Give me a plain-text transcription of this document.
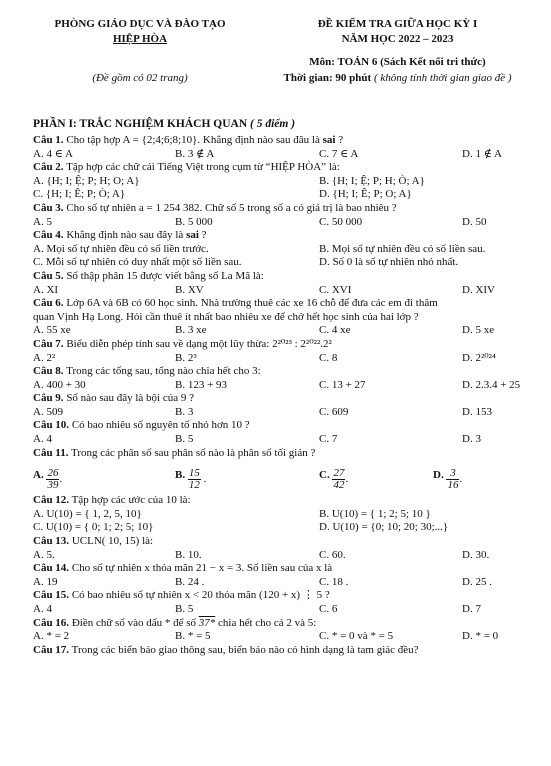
PHÒNG GIÁO DỤC VÀ ĐÀO TẠO
HIỆP HÒA
(Đề gồm có 02 trang)
ĐỀ KIỂM TRA GIỮA HỌC KỲ I
NĂM HỌC 2022 – 2023
Môn: TOÁN 6 (Sách Kết nối tri thức)
Thời gian: 90 phút ( không tính thời gian giao đề )
PHẦN I: TRẮC NGHIỆM KHÁCH QUAN ( 5 điểm )
Câu 1. Cho tập hợp A = {2;4;6;8;10}. Khẳng định nào sau đâu là sai ?
A. 4 ∈ A	B. 3 ∉ A	C. 7 ∈ A	D. 1 ∉ A
Câu 2. Tập hợp các chữ cái Tiếng Việt trong cụm từ “HIỆP HÒA” là:
A. {H; I; Ệ; P; H; O; A}	B. {H; I; Ệ; P; H; Ò; A}
C. {H; I; Ê; P; Ò; A}	D. {H; I; Ê; P; O; A}
Câu 3. Cho số tự nhiên a = 1 254 382. Chữ số 5 trong số a có giá trị là bao nhiêu ?
A. 5	B. 5 000	C. 50 000	D. 50
Câu 4. Khẳng định nào sau đây là sai ?
A. Mọi số tự nhiên đều có số liền trước.	B. Mọi số tự nhiên đều có số liền sau.
C. Mỗi số tự nhiên có duy nhất một số liền sau.	D. Số 0 là số tự nhiên nhỏ nhất.
Câu 5. Số thập phân 15 được viết bằng số La Mã là:
A. XI	B. XV	C. XVI	D. XIV
Câu 6. Lớp 6A và 6B có 60 học sinh. Nhà trường thuê các xe 16 chỗ để đưa các em đi thăm
quan Vịnh Hạ Long. Hỏi cần thuê ít nhất bao nhiêu xe để chở hết học sinh của hai lớp ?
A. 55 xe	B. 3 xe	C. 4 xe	D. 5 xe
Câu 7. Biểu diễn phép tính sau về dạng một lũy thừa: 2²⁰²³ : 2²⁰²².2²
A. 2²	B. 2³	C. 8	D. 2²⁰²⁴
Câu 8. Trong các tổng sau, tổng nào chia hết cho 3:
A. 400 + 30	B. 123 + 93	C. 13 + 27	D. 2.3.4 + 25
Câu 9. Số nào sau đây là bội của 9 ?
A. 509	B. 3	C. 609	D. 153
Câu 10. Có bao nhiêu số nguyên tố nhỏ hơn 10 ?
A. 4	B. 5	C. 7	D. 3
Câu 11. Trong các phân số sau phân số nào là phân số tối giản ?
A. $\frac{26}{39}$ .	B. $\frac{15}{12}$ .	C. $\frac{27}{42}$ .	D. $\frac{3}{16}$ .
Câu 12. Tập hợp các ước của 10 là:
A. U(10) = { 1, 2, 5, 10}	B. U(10) = { 1; 2; 5; 10 }
C. U(10) = { 0; 1; 2; 5; 10}	D. U(10) = {0; 10; 20; 30;...}
Câu 13. UCLN( 10, 15) là:
A. 5.	B. 10.	C. 60.	D. 30.
Câu 14. Cho số tự nhiên x thỏa mãn 21 − x = 3. Số liền sau của x là
A. 19	B. 24 .	C. 18 .	D. 25 .
Câu 15. Có bao nhiêu số tự nhiên x < 20 thỏa mãn (120 + x) ⋮ 5 ?
A. 4	B. 5	C. 6	D. 7
Câu 16. Điền chữ số vào dấu * để số 37* chia hết cho cả 2 và 5:
A. * = 2	B. * = 5	C. * = 0 và * = 5	D. * = 0
Câu 17. Trong các biển báo giao thông sau, biển báo nào có hình dạng là tam giác đều?
